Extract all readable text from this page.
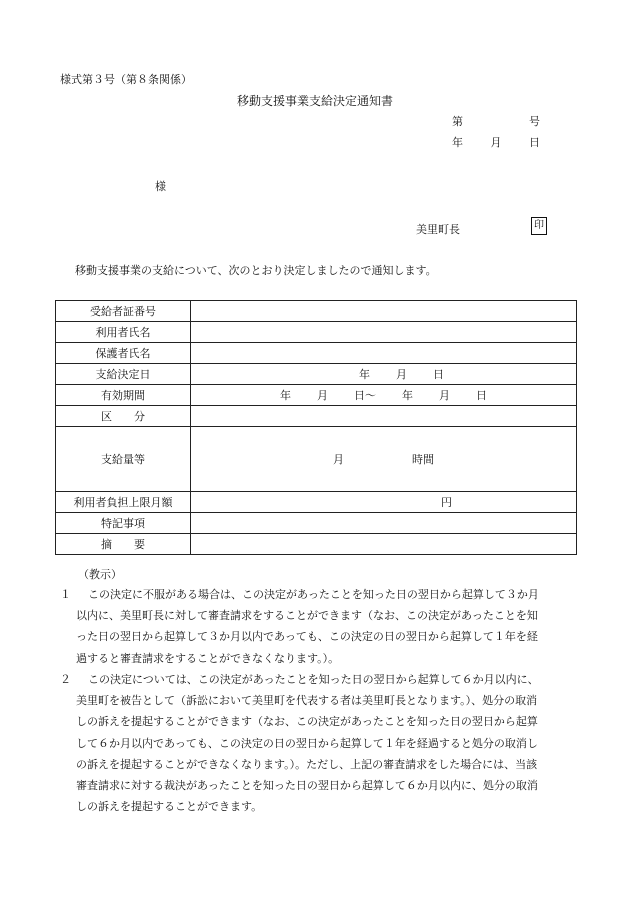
様式第３号（第８条関係）
移動支援事業支給決定通知書
第	号
年	月	日
様
美里町長	印
移動支援事業の支給について、次のとおり決定しましたので通知します。
受給者証番号	
利用者氏名	
保護者氏名	
支給決定日	年 月 日
有効期間	年 月 日～ 年 月 日
区　　分	
支給量等	月 時間
利用者負担上限月額	円
特記事項	
摘　　要	
（教示）
１	この決定に不服がある場合は、この決定があったことを知った日の翌日から起算して３か月
以内に、美里町長に対して審査請求をすることができます（なお、この決定があったことを知
った日の翌日から起算して３か月以内であっても、この決定の日の翌日から起算して１年を経
過すると審査請求をすることができなくなります。）。
２	この決定については、この決定があったことを知った日の翌日から起算して６か月以内に、
美里町を被告として（訴訟において美里町を代表する者は美里町長となります。）、処分の取消
しの訴えを提起することができます（なお、この決定があったことを知った日の翌日から起算
して６か月以内であっても、この決定の日の翌日から起算して１年を経過すると処分の取消し
の訴えを提起することができなくなります。）。ただし、上記の審査請求をした場合には、当該
審査請求に対する裁決があったことを知った日の翌日から起算して６か月以内に、処分の取消
しの訴えを提起することができます。
